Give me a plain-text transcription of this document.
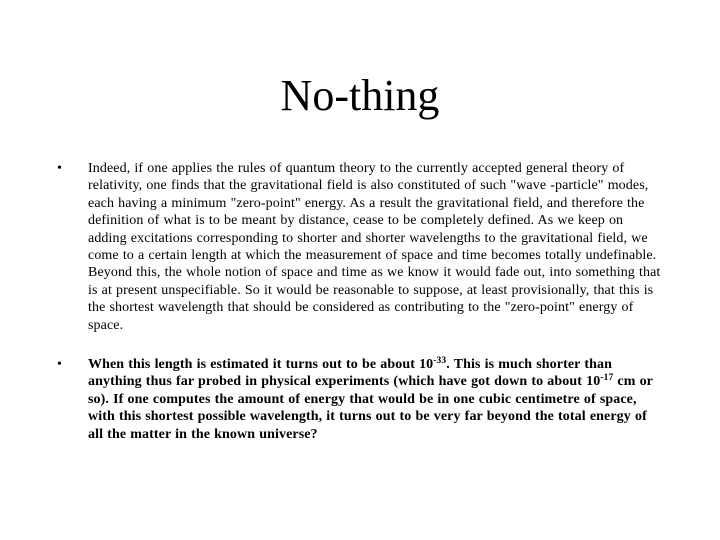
No-thing
• Indeed, if one applies the rules of quantum theory to the currently accepted general theory of relativity, one finds that the gravitational field is also constituted of such "wave -particle" modes, each having a minimum "zero-point" energy. As a result the gravitational field, and therefore the definition of what is to be meant by distance, cease to be completely defined. As we keep on adding excitations corresponding to shorter and shorter wavelengths to the gravitational field, we come to a certain length at which the measurement of space and time becomes totally undefinable. Beyond this, the whole notion of space and time as we know it would fade out, into something that is at present unspecifiable. So it would be reasonable to suppose, at least provisionally, that this is the shortest wavelength that should be considered as contributing to the "zero-point" energy of space.
• When this length is estimated it turns out to be about $10^{-33}$. This is much shorter than anything thus far probed in physical experiments (which have got down to about $10^{-17}$ cm or so). If one computes the amount of energy that would be in one cubic centimetre of space, with this shortest possible wavelength, it turns out to be very far beyond the total energy of all the matter in the known universe?
